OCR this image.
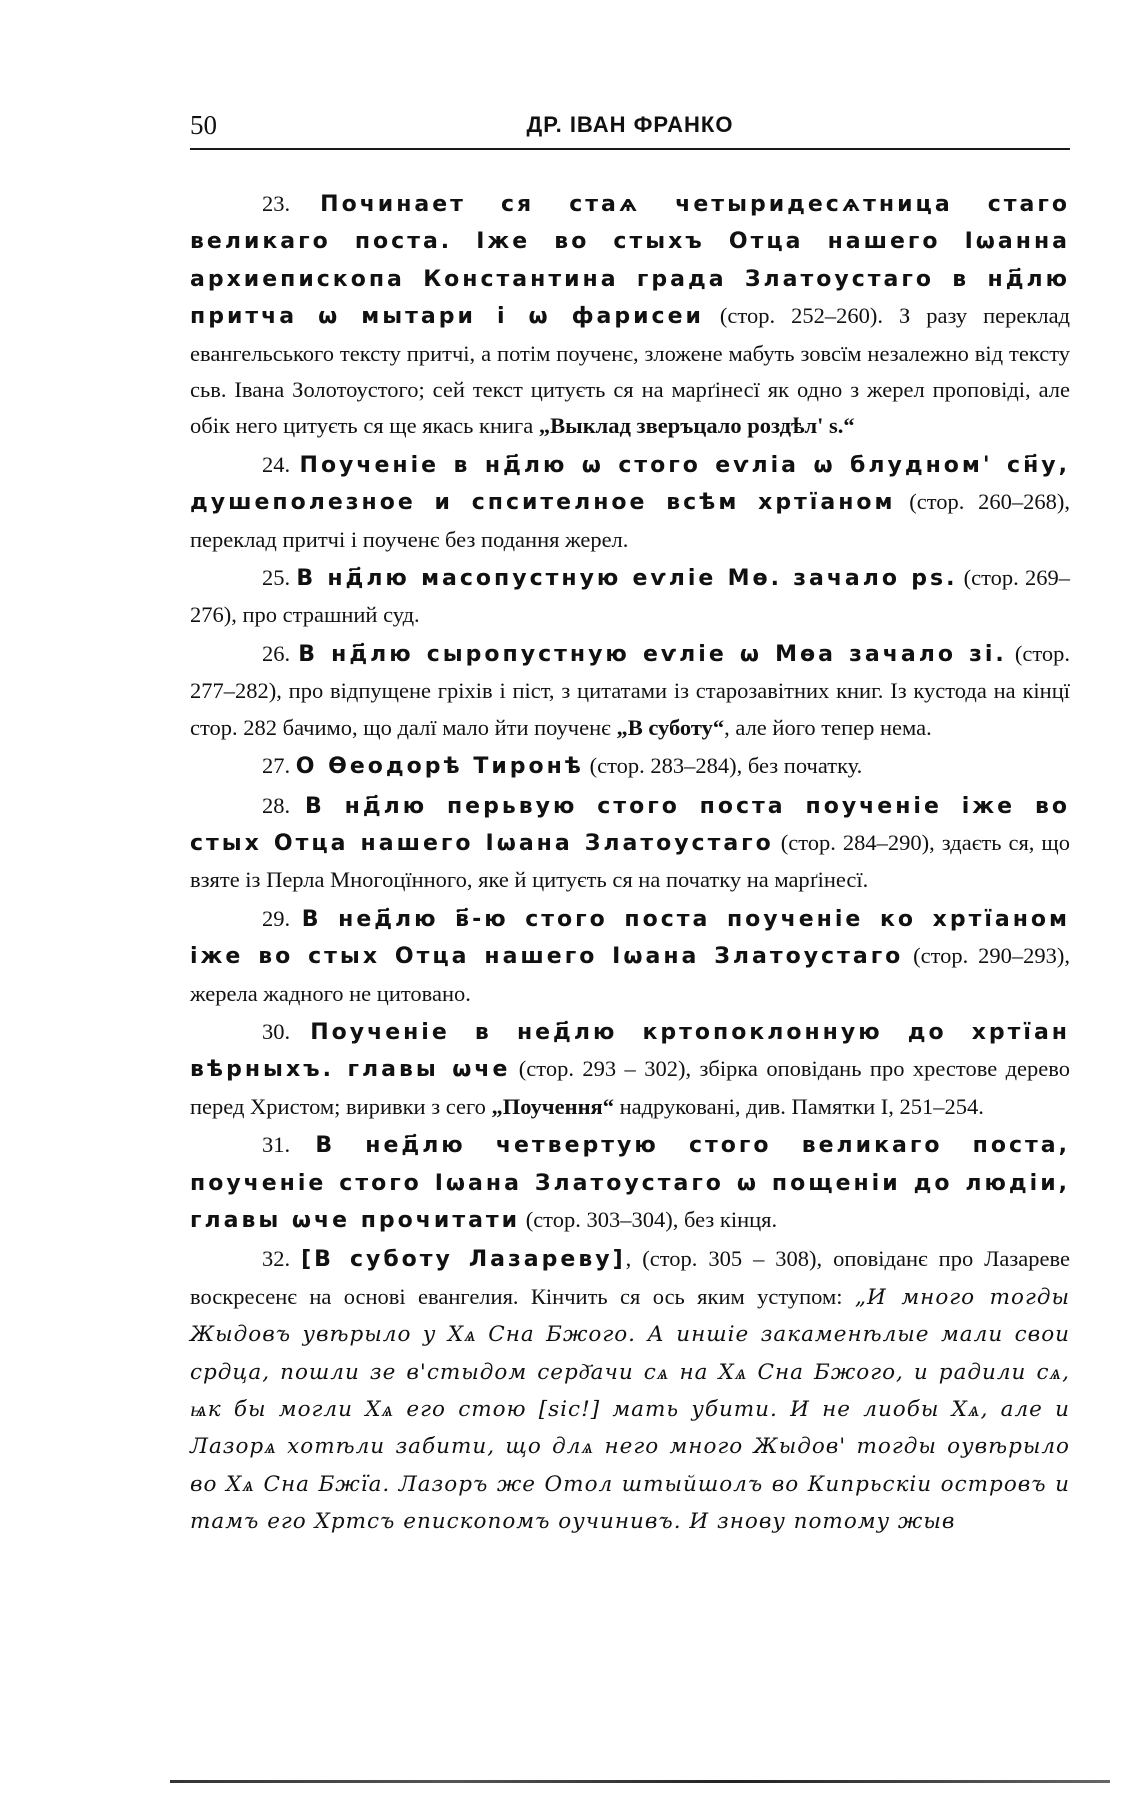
50	ДР. ІВАН ФРАНКО

23. Починает ся стаѧ четыридесѧтница стаго великаго поста. Іже во стыхъ Отца нашего Іωанна архиепископа Константина града Златоустаго в нд҃лю притча ω мытари і ω фарисеи (стор. 252–260). З разу переклад евангельського тексту притчі, а потім поученє, зложене мабуть зовсїм незалежно від тексту сьв. Івана Золотоустого; сей текст цитуєть ся на марґінесї як одно з жерел проповіді, але обік него цитуєть ся ще якась книга „Выклад зверъцало роздѣл' ѕ.“

24. Поученіе в нд҃лю ω стого еѵліа ω блудном' сн҃у, душеполезное и спсителное всѣм хртїаном (стор. 260–268), переклад притчі і поученє без подання жерел.

25. В нд҃лю масопустную еѵліе Мѳ. зачало рѕ. (стор. 269–276), про страшний суд.

26. В нд҃лю сыропустную еѵліе ω Мѳа зачало зі. (стор. 277–282), про відпущене гріхів і піст, з цитатами із старозавітних книг. Із кустода на кінцї стор. 282 бачимо, що далї мало йти поученє „В суботу“, але його тепер нема.

27. О Өеодорѣ Тиронѣ (стор. 283–284), без початку.

28. В нд҃лю перьвую стого поста поученіе іже во стых Отца нашего Іωана Златоустаго (стор. 284–290), здаєть ся, що взяте із Перла Многоцїнного, яке й цитуєть ся на початку на марґінесї.

29. В нед҃лю в҃-ю стого поста поученіе ко хртїаном іже во стых Отца нашего Іωана Златоустаго (стор. 290–293), жерела жадного не цитовано.

30. Поученіе в нед҃лю кртопоклонную до хртїан вѣрныхъ. главы ωче (стор. 293 – 302), збірка оповідань про хрестове дерево перед Христом; виривки з сего „Поучення“ надруковані, див. Памятки І, 251–254.

31. В нед҃лю четвертую стого великаго поста, поученіе стого Іωана Златоустаго ω пощеніи до людіи, главы ωче прочитати (стор. 303–304), без кінця.

32. [В суботу Лазареву], (стор. 305 – 308), оповіданє про Лазареве воскресенє на основі евангелия. Кінчить ся ось яким уступом: „И много тогды Жыдовъ увѣрыло у Хѧ Сна Бжого. А иншіе закаменѣлые мали свои срдца, пошли зе в'стыдом серд҃ачи сѧ на Хѧ Сна Бжого, и радили сѧ, ѩк бы могли Хѧ его стою [sic!] мать убити. И не лиобы Хѧ, але и Лазорѧ хотѣли забити, що длѧ него много Жыдов' тогды оувѣрыло во Хѧ Сна Бжїа. Лазоръ же Отол штыйшолъ во Кипрьскіи островъ и тамъ его Хртсъ епископомъ оучинивъ. И знову потому жыв
